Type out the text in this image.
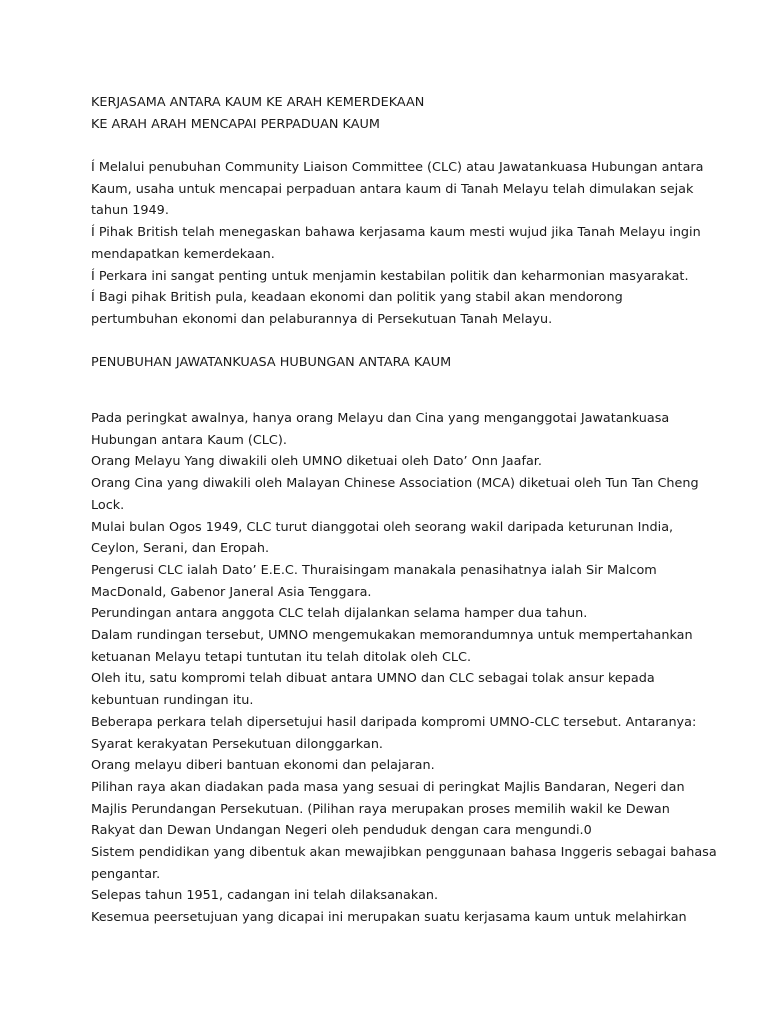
KERJASAMA ANTARA KAUM KE ARAH KEMERDEKAAN
KE ARAH ARAH MENCAPAI PERPADUAN KAUM
Í Melalui penubuhan Community Liaison Committee (CLC) atau Jawatankuasa Hubungan antara
Kaum, usaha untuk mencapai perpaduan antara kaum di Tanah Melayu telah dimulakan sejak
tahun 1949.
Í Pihak British telah menegaskan bahawa kerjasama kaum mesti wujud jika Tanah Melayu ingin
mendapatkan kemerdekaan.
Í Perkara ini sangat penting untuk menjamin kestabilan politik dan keharmonian masyarakat.
Í Bagi pihak British pula, keadaan ekonomi dan politik yang stabil akan mendorong
pertumbuhan ekonomi dan pelaburannya di Persekutuan Tanah Melayu.
PENUBUHAN JAWATANKUASA HUBUNGAN ANTARA KAUM
Pada peringkat awalnya, hanya orang Melayu dan Cina yang menganggotai Jawatankuasa
Hubungan antara Kaum (CLC).
Orang Melayu Yang diwakili oleh UMNO diketuai oleh Dato’ Onn Jaafar.
Orang Cina yang diwakili oleh Malayan Chinese Association (MCA) diketuai oleh Tun Tan Cheng
Lock.
Mulai bulan Ogos 1949, CLC turut dianggotai oleh seorang wakil daripada keturunan India,
Ceylon, Serani, dan Eropah.
Pengerusi CLC ialah Dato’ E.E.C. Thuraisingam manakala penasihatnya ialah Sir Malcom
MacDonald, Gabenor Janeral Asia Tenggara.
Perundingan antara anggota CLC telah dijalankan selama hamper dua tahun.
Dalam rundingan tersebut, UMNO mengemukakan memorandumnya untuk mempertahankan
ketuanan Melayu tetapi tuntutan itu telah ditolak oleh CLC.
Oleh itu, satu kompromi telah dibuat antara UMNO dan CLC sebagai tolak ansur kepada
kebuntuan rundingan itu.
Beberapa perkara telah dipersetujui hasil daripada kompromi UMNO-CLC tersebut. Antaranya:
Syarat kerakyatan Persekutuan dilonggarkan.
Orang melayu diberi bantuan ekonomi dan pelajaran.
Pilihan raya akan diadakan pada masa yang sesuai di peringkat Majlis Bandaran, Negeri dan
Majlis Perundangan Persekutuan. (Pilihan raya merupakan proses memilih wakil ke Dewan
Rakyat dan Dewan Undangan Negeri oleh penduduk dengan cara mengundi.0
Sistem pendidikan yang dibentuk akan mewajibkan penggunaan bahasa Inggeris sebagai bahasa
pengantar.
Selepas tahun 1951, cadangan ini telah dilaksanakan.
Kesemua peersetujuan yang dicapai ini merupakan suatu kerjasama kaum untuk melahirkan
